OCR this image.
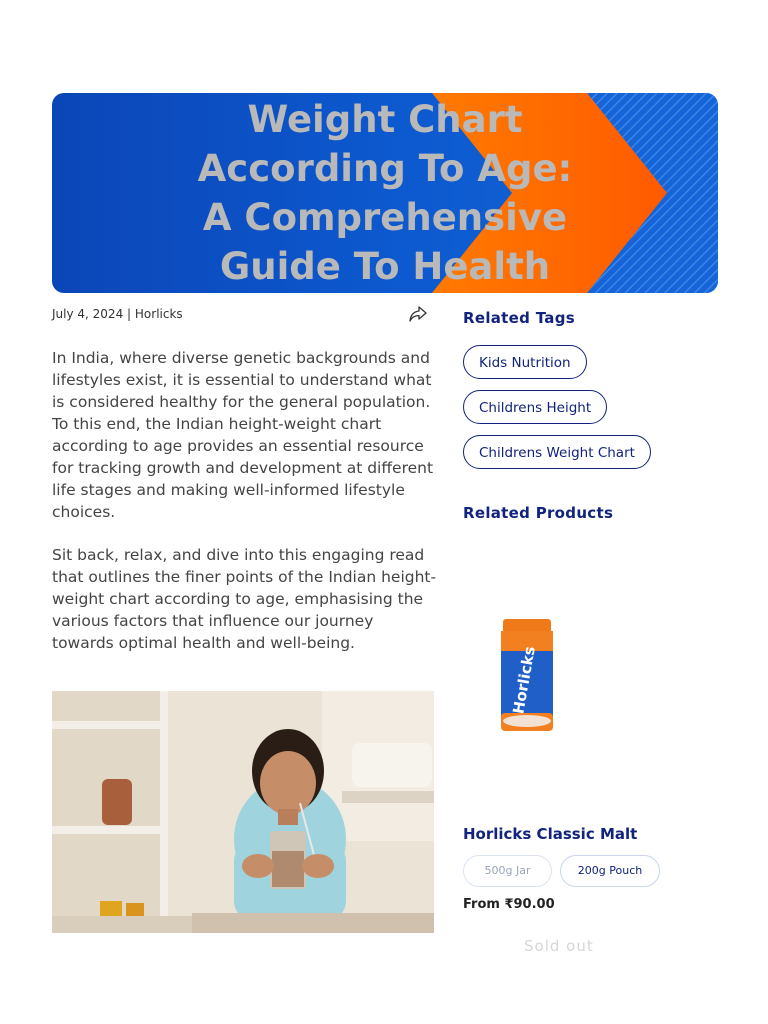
Weight Chart
According To Age:
A Comprehensive
Guide To Health
July 4, 2024 | Horlicks

In India, where diverse genetic backgrounds and lifestyles exist, it is essential to understand what is considered healthy for the general population. To this end, the Indian height-weight chart according to age provides an essential resource for tracking growth and development at different life stages and making well-informed lifestyle choices.

Sit back, relax, and dive into this engaging read that outlines the finer points of the Indian height-weight chart according to age, emphasising the various factors that influence our journey towards optimal health and well-being.

Related Tags
Kids Nutrition
Childrens Height
Childrens Weight Chart
Related Products
Horlicks
Horlicks Classic Malt
500g Jar	200g Pouch
From ₹90.00
Sold out
